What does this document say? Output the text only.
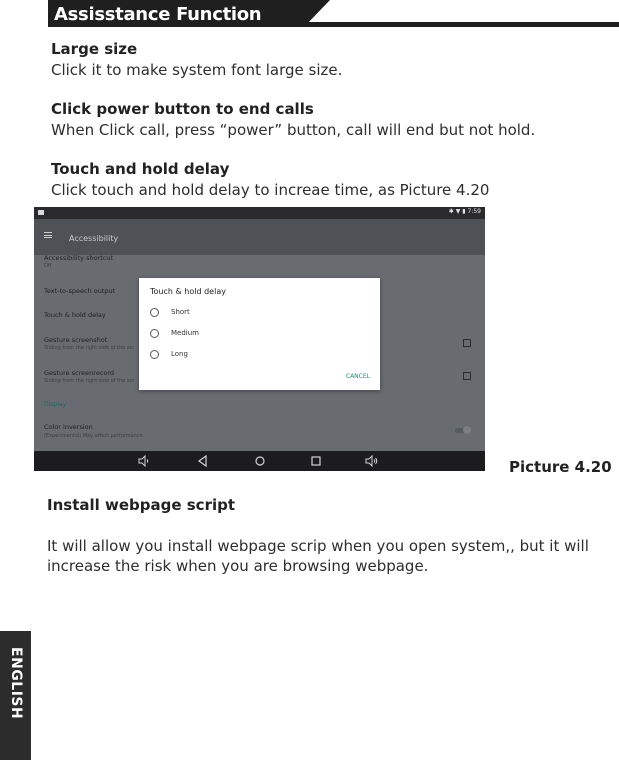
Assisstance Function
Large size
Click it to make system font large size.
Click power button to end calls
When Click call, press “power” button, call will end but not hold.
Touch and hold delay
Click touch and hold delay to increae time, as Picture 4.20
✱ ▼ ▮ 7:59
Accessibility
Accessibility shortcut
Off
Text-to-speech output
Touch & hold delay
Gesture screenshot
Sliding from the right side of the scr
Gesture screenrecord
Sliding from the right side of the scr
Display
Color inversion
(Experimental) May affect performance
Touch & hold delay
Short
Medium
Long
CANCEL
Picture 4.20
Install webpage script
It will allow you install webpage scrip when you open system,, but it will
increase the risk when you are browsing webpage.
ENGLISH
